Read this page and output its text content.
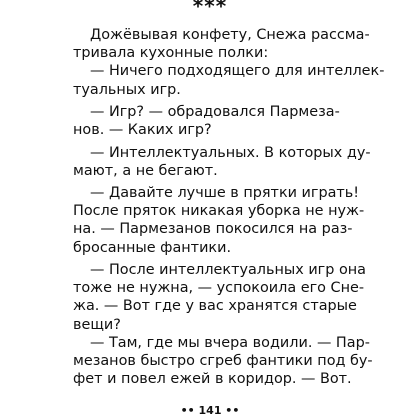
***
Дожёвывая конфету, Снежа рассма-
тривала кухонные полки:
— Ничего подходящего для интеллек-
туальных игр.
— Игр? — обрадовался Пармеза-
нов. — Каких игр?
— Интеллектуальных. В которых ду-
мают, а не бегают.
— Давайте лучше в прятки играть!
После пряток никакая уборка не нуж-
на. — Пармезанов покосился на раз-
бросанные фантики.
— После интеллектуальных игр она
тоже не нужна, — успокоила его Сне-
жа. — Вот где у вас хранятся старые
вещи?
— Там, где мы вчера водили. — Пар-
мезанов быстро сгреб фантики под бу-
фет и повел ежей в коридор. — Вот.
•• 141 ••
